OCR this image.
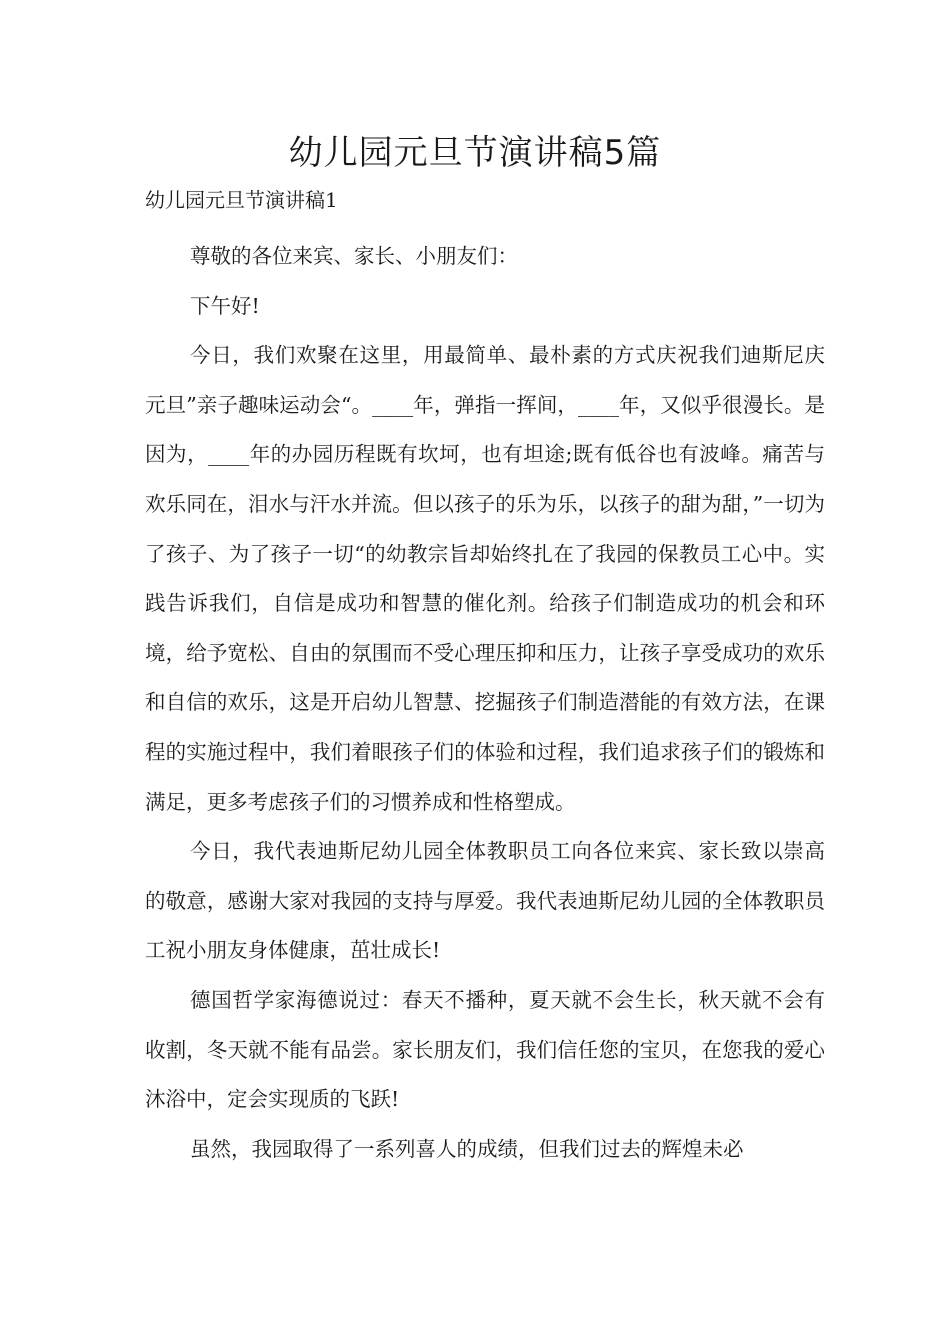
幼儿园元旦节演讲稿5篇

幼儿园元旦节演讲稿1

尊敬的各位来宾、家长、小朋友们：

下午好!

今日，我们欢聚在这里，用最简单、最朴素的方式庆祝我们迪斯尼庆元旦”亲子趣味运动会“。____年，弹指一挥间，____年，又似乎很漫长。是因为，____年的办园历程既有坎坷，也有坦途;既有低谷也有波峰。痛苦与欢乐同在，泪水与汗水并流。但以孩子的乐为乐，以孩子的甜为甜，”一切为了孩子、为了孩子一切“的幼教宗旨却始终扎在了我园的保教员工心中。实践告诉我们，自信是成功和智慧的催化剂。给孩子们制造成功的机会和环境，给予宽松、自由的氛围而不受心理压抑和压力，让孩子享受成功的欢乐和自信的欢乐，这是开启幼儿智慧、挖掘孩子们制造潜能的有效方法，在课程的实施过程中，我们着眼孩子们的体验和过程，我们追求孩子们的锻炼和满足，更多考虑孩子们的习惯养成和性格塑成。

今日，我代表迪斯尼幼儿园全体教职员工向各位来宾、家长致以崇高的敬意，感谢大家对我园的支持与厚爱。我代表迪斯尼幼儿园的全体教职员工祝小朋友身体健康，茁壮成长!

德国哲学家海德说过：春天不播种，夏天就不会生长，秋天就不会有收割，冬天就不能有品尝。家长朋友们，我们信任您的宝贝，在您我的爱心沐浴中，定会实现质的飞跃!

虽然，我园取得了一系列喜人的成绩，但我们过去的辉煌未必
